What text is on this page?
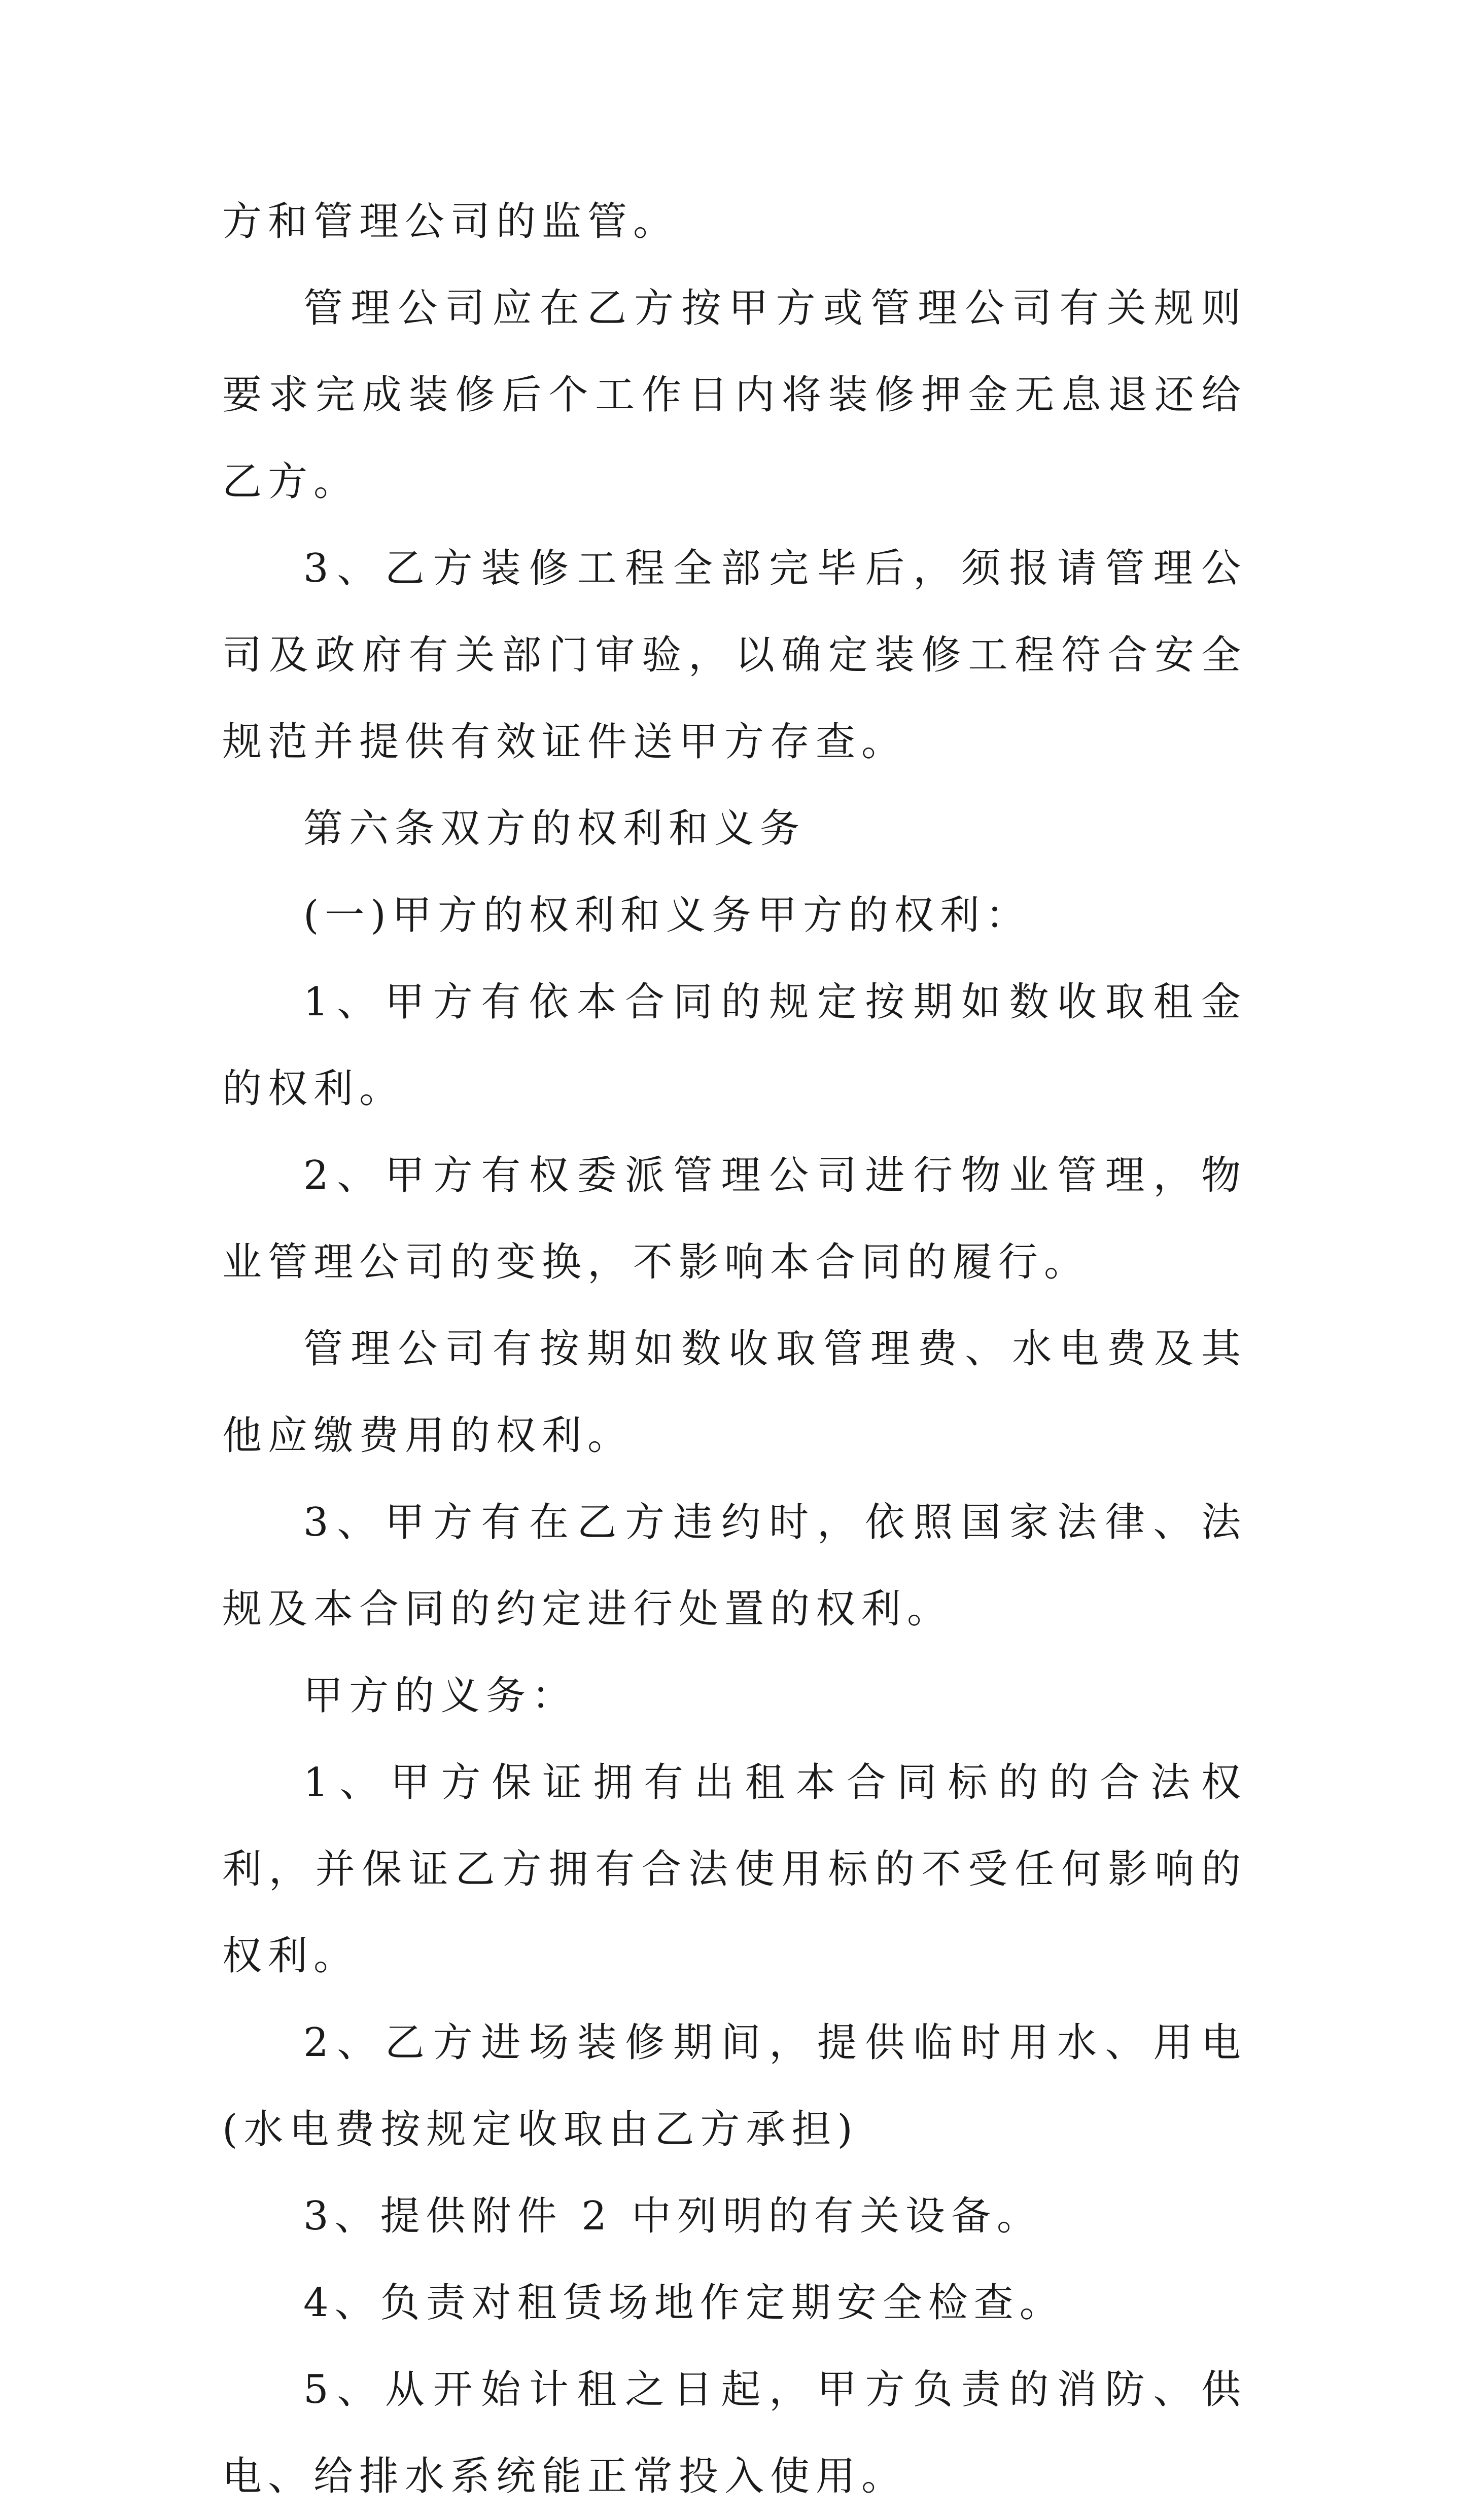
方和管理公司的监管。

管理公司应在乙方按甲方或管理公司有关规则要求完成装修后个工作日内将装修押金无息退还给乙方。

3、乙方装修工程全部完毕后，须报请管理公司及政府有关部门审验，以确定装修工程符合安全规范并提供有效证件送甲方存查。

第六条双方的权利和义务

(一)甲方的权利和义务甲方的权利：

1、甲方有依本合同的规定按期如数收取租金的权利。

2、甲方有权委派管理公司进行物业管理，物业管理公司的变换，不影响本合同的履行。

管理公司有按期如数收取管理费、水电费及其他应缴费用的权利。

3、甲方有在乙方违约时，依照国家法律、法规及本合同的约定进行处置的权利。

甲方的义务：

1、甲方保证拥有出租本合同标的的合法权利，并保证乙方拥有合法使用标的不受任何影响的权利。

2、乙方进场装修期间，提供临时用水、用电(水电费按规定收取由乙方承担)

3、提供附件 2 中列明的有关设备。

4、负责对租赁场地作定期安全检查。

5、从开始计租之日起，甲方负责的消防、供电、给排水系统能正常投入使用。
